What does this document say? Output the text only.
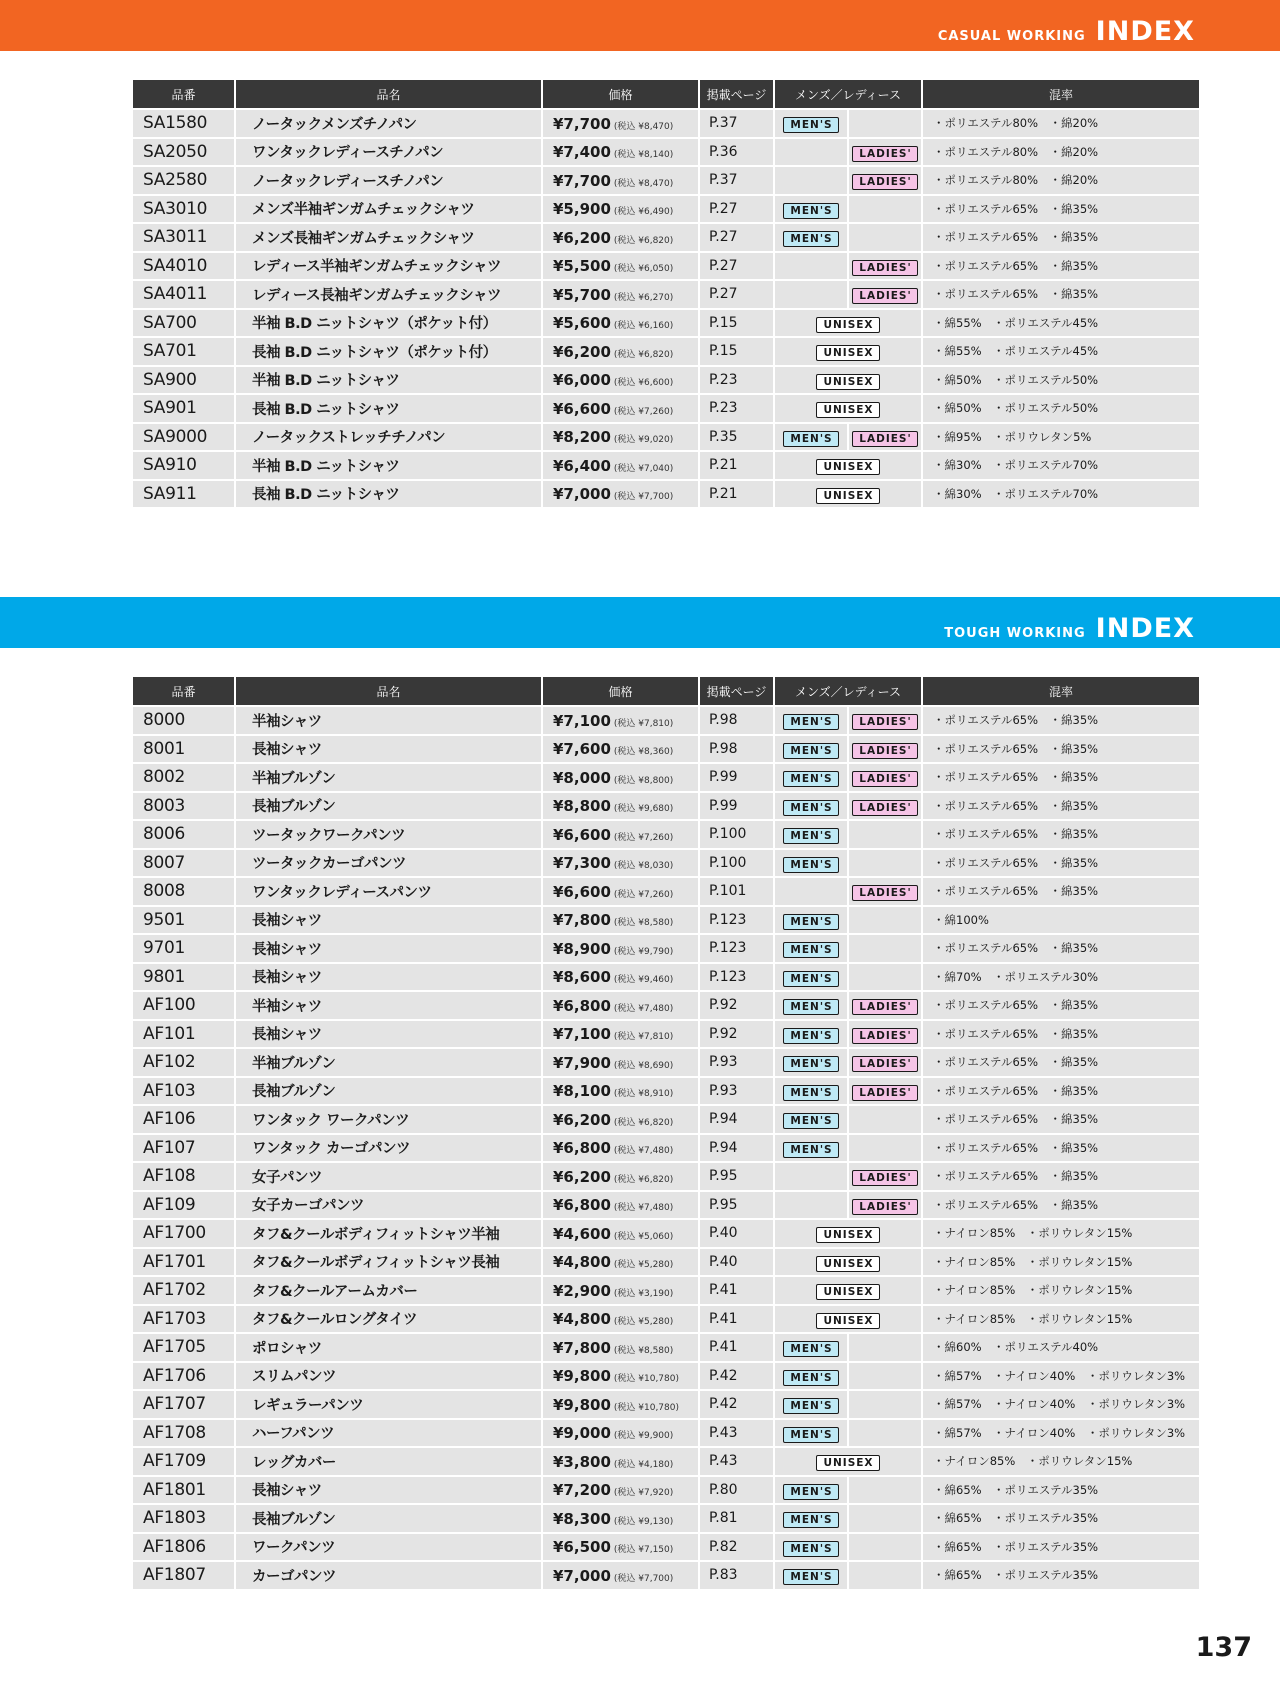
CASUAL WORKING INDEX
品番	品名	価格	掲載ページ	メンズ／レディース		混率
SA1580	ノータックメンズチノパン	¥7,700 (税込 ¥8,470)	P.37	MEN'S		・ポリエステル80%　・綿20%
SA2050	ワンタックレディースチノパン	¥7,400 (税込 ¥8,140)	P.36		LADIES'	・ポリエステル80%　・綿20%
SA2580	ノータックレディースチノパン	¥7,700 (税込 ¥8,470)	P.37		LADIES'	・ポリエステル80%　・綿20%
SA3010	メンズ半袖ギンガムチェックシャツ	¥5,900 (税込 ¥6,490)	P.27	MEN'S		・ポリエステル65%　・綿35%
SA3011	メンズ長袖ギンガムチェックシャツ	¥6,200 (税込 ¥6,820)	P.27	MEN'S		・ポリエステル65%　・綿35%
SA4010	レディース半袖ギンガムチェックシャツ	¥5,500 (税込 ¥6,050)	P.27		LADIES'	・ポリエステル65%　・綿35%
SA4011	レディース長袖ギンガムチェックシャツ	¥5,700 (税込 ¥6,270)	P.27		LADIES'	・ポリエステル65%　・綿35%
SA700	半袖 B.D ニットシャツ（ポケット付）	¥5,600 (税込 ¥6,160)	P.15	UNISEX		・綿55%　・ポリエステル45%
SA701	長袖 B.D ニットシャツ（ポケット付）	¥6,200 (税込 ¥6,820)	P.15	UNISEX		・綿55%　・ポリエステル45%
SA900	半袖 B.D ニットシャツ	¥6,000 (税込 ¥6,600)	P.23	UNISEX		・綿50%　・ポリエステル50%
SA901	長袖 B.D ニットシャツ	¥6,600 (税込 ¥7,260)	P.23	UNISEX		・綿50%　・ポリエステル50%
SA9000	ノータックストレッチチノパン	¥8,200 (税込 ¥9,020)	P.35	MEN'S	LADIES'	・綿95%　・ポリウレタン5%
SA910	半袖 B.D ニットシャツ	¥6,400 (税込 ¥7,040)	P.21	UNISEX		・綿30%　・ポリエステル70%
SA911	長袖 B.D ニットシャツ	¥7,000 (税込 ¥7,700)	P.21	UNISEX		・綿30%　・ポリエステル70%
TOUGH WORKING INDEX
品番	品名	価格	掲載ページ	メンズ／レディース		混率
8000	半袖シャツ	¥7,100 (税込 ¥7,810)	P.98	MEN'S	LADIES'	・ポリエステル65%　・綿35%
8001	長袖シャツ	¥7,600 (税込 ¥8,360)	P.98	MEN'S	LADIES'	・ポリエステル65%　・綿35%
8002	半袖ブルゾン	¥8,000 (税込 ¥8,800)	P.99	MEN'S	LADIES'	・ポリエステル65%　・綿35%
8003	長袖ブルゾン	¥8,800 (税込 ¥9,680)	P.99	MEN'S	LADIES'	・ポリエステル65%　・綿35%
8006	ツータックワークパンツ	¥6,600 (税込 ¥7,260)	P.100	MEN'S		・ポリエステル65%　・綿35%
8007	ツータックカーゴパンツ	¥7,300 (税込 ¥8,030)	P.100	MEN'S		・ポリエステル65%　・綿35%
8008	ワンタックレディースパンツ	¥6,600 (税込 ¥7,260)	P.101		LADIES'	・ポリエステル65%　・綿35%
9501	長袖シャツ	¥7,800 (税込 ¥8,580)	P.123	MEN'S		・綿100%
9701	長袖シャツ	¥8,900 (税込 ¥9,790)	P.123	MEN'S		・ポリエステル65%　・綿35%
9801	長袖シャツ	¥8,600 (税込 ¥9,460)	P.123	MEN'S		・綿70%　・ポリエステル30%
AF100	半袖シャツ	¥6,800 (税込 ¥7,480)	P.92	MEN'S	LADIES'	・ポリエステル65%　・綿35%
AF101	長袖シャツ	¥7,100 (税込 ¥7,810)	P.92	MEN'S	LADIES'	・ポリエステル65%　・綿35%
AF102	半袖ブルゾン	¥7,900 (税込 ¥8,690)	P.93	MEN'S	LADIES'	・ポリエステル65%　・綿35%
AF103	長袖ブルゾン	¥8,100 (税込 ¥8,910)	P.93	MEN'S	LADIES'	・ポリエステル65%　・綿35%
AF106	ワンタック ワークパンツ	¥6,200 (税込 ¥6,820)	P.94	MEN'S		・ポリエステル65%　・綿35%
AF107	ワンタック カーゴパンツ	¥6,800 (税込 ¥7,480)	P.94	MEN'S		・ポリエステル65%　・綿35%
AF108	女子パンツ	¥6,200 (税込 ¥6,820)	P.95		LADIES'	・ポリエステル65%　・綿35%
AF109	女子カーゴパンツ	¥6,800 (税込 ¥7,480)	P.95		LADIES'	・ポリエステル65%　・綿35%
AF1700	タフ&クールボディフィットシャツ半袖	¥4,600 (税込 ¥5,060)	P.40	UNISEX		・ナイロン85%　・ポリウレタン15%
AF1701	タフ&クールボディフィットシャツ長袖	¥4,800 (税込 ¥5,280)	P.40	UNISEX		・ナイロン85%　・ポリウレタン15%
AF1702	タフ&クールアームカバー	¥2,900 (税込 ¥3,190)	P.41	UNISEX		・ナイロン85%　・ポリウレタン15%
AF1703	タフ&クールロングタイツ	¥4,800 (税込 ¥5,280)	P.41	UNISEX		・ナイロン85%　・ポリウレタン15%
AF1705	ポロシャツ	¥7,800 (税込 ¥8,580)	P.41	MEN'S		・綿60%　・ポリエステル40%
AF1706	スリムパンツ	¥9,800 (税込 ¥10,780)	P.42	MEN'S		・綿57%　・ナイロン40%　・ポリウレタン3%
AF1707	レギュラーパンツ	¥9,800 (税込 ¥10,780)	P.42	MEN'S		・綿57%　・ナイロン40%　・ポリウレタン3%
AF1708	ハーフパンツ	¥9,000 (税込 ¥9,900)	P.43	MEN'S		・綿57%　・ナイロン40%　・ポリウレタン3%
AF1709	レッグカバー	¥3,800 (税込 ¥4,180)	P.43	UNISEX		・ナイロン85%　・ポリウレタン15%
AF1801	長袖シャツ	¥7,200 (税込 ¥7,920)	P.80	MEN'S		・綿65%　・ポリエステル35%
AF1803	長袖ブルゾン	¥8,300 (税込 ¥9,130)	P.81	MEN'S		・綿65%　・ポリエステル35%
AF1806	ワークパンツ	¥6,500 (税込 ¥7,150)	P.82	MEN'S		・綿65%　・ポリエステル35%
AF1807	カーゴパンツ	¥7,000 (税込 ¥7,700)	P.83	MEN'S		・綿65%　・ポリエステル35%
137
